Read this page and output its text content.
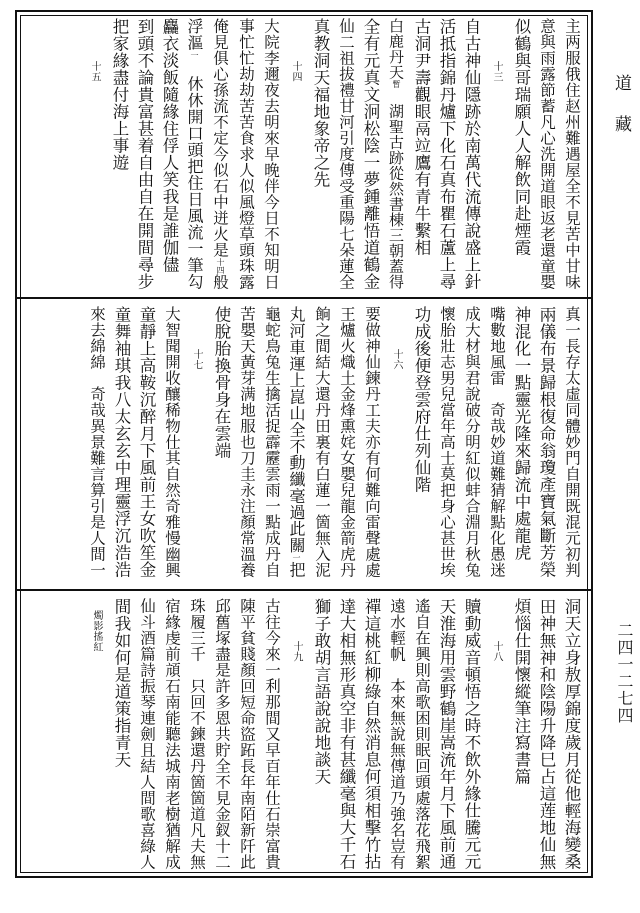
主两服俄住赵州難遇屋全不見苦中甘味
意與雨露節蓄凡心洗開道眼返老還童嬰
似鶴與哥瑞願人人解飲同赴煙霞
十三
自古神仙隱跡於南萬代流傳說盛上針
活抵指錦丹爐下化石真布瞿石蘆上尋
古洞尹壽觀眼鬲竝鷹有青牛繫相
白鹿丹天暫　湖聖古跡從然書棟三朝蓋得
全有元真文泂松陰一夢鍾離悟道鶴金
仙二祖拔禮甘河引度傳受重陽七朵蓮全
真教洞天福地象帝之先
十四
大院李邇夜去明來早晚伴今日不知明日
事忙忙劫劫苦苦食求人似風燈草頭珠露
俺見俱心孫流不定今似石中迸火是十四般
浮漚一　休休開口頭把住日風流一筆勾
麤衣淡飯隨緣住俘人笑我是誰伽儘
到頭不論貴富甚着自由自在開間尋步
把家緣盡付海上事遊
十五
真一長存太虛同體妙門自開既混元初判
兩儀布景歸根復命翁瓊產寶氣斷芳榮
神混化一點靈光隆來歸流中處龍虎
嘴數地風雷　奇哉妙道難猜解點化愚迷
成大材與君說破分明紅似蚌合淵月秋兔
懷胎壯志男兒當年高士莫把身心甚世埃
功成後便登雲府仕列仙階
十六
要做神仙鍊丹工夫亦有何難向雷聲處處
王爐火熾土金烽熏姹女嬰兒龍金箭虎丹
餉之間結大還丹田裏有白蓮一箇無入泥
丸河車運上崑山全不動纖毫過此關一把
龜蛇鳥兔生擒活捉霹靂雲雨一點成丹自
苦嬰天黃芽满地服也刀圭永注顏常溫養
使脫胎換骨身在雲端
十七
大智聞開收釀稀物仕其自然奇雅慢幽興
童靜上高鞍沉醉月下風前王女吹笙金
童舞袖琪我八太玄玄中理靈浮沉浩浩
來去綿綿　奇哉異景難言算引是人間一
洞天立身敖厚錦度歲月從他輕海變桑
田神無神和陰陽升降巳占這莲地仙無
煩惱仕開懷縱筆注寫書篇
十八
贖動威音頓悟之時不飲外緣仕騰元元
天淮海用雲野鶴崖嵩流年月下風前通
遙自在興則高歌困則眠回頭處落花飛絮
遠水輕帆　本來無說無傳道乃強名豈有
禪這桃紅柳綠自然消息何須相擊竹拈
達大相無形真空非有甚纖毫與大千石
獅子敢胡言語說說地談天
十九
古往今來一利那間又早百年仕石崇富貴
陳平貧賤顏回短命盜跖長年南陌新阡此
邱舊塚盡是許多恩共貯全不見金釵十二
珠履三千　只回不鍊還丹箇箇道凡夫無
宿緣虔前頏石南能聽法城南老樹猶解成
仙斗酒篇詩振琴連劍且結人間歌喜綠人
間我如何是道策指青天
燭影搖紅
道藏
二四一二七四
